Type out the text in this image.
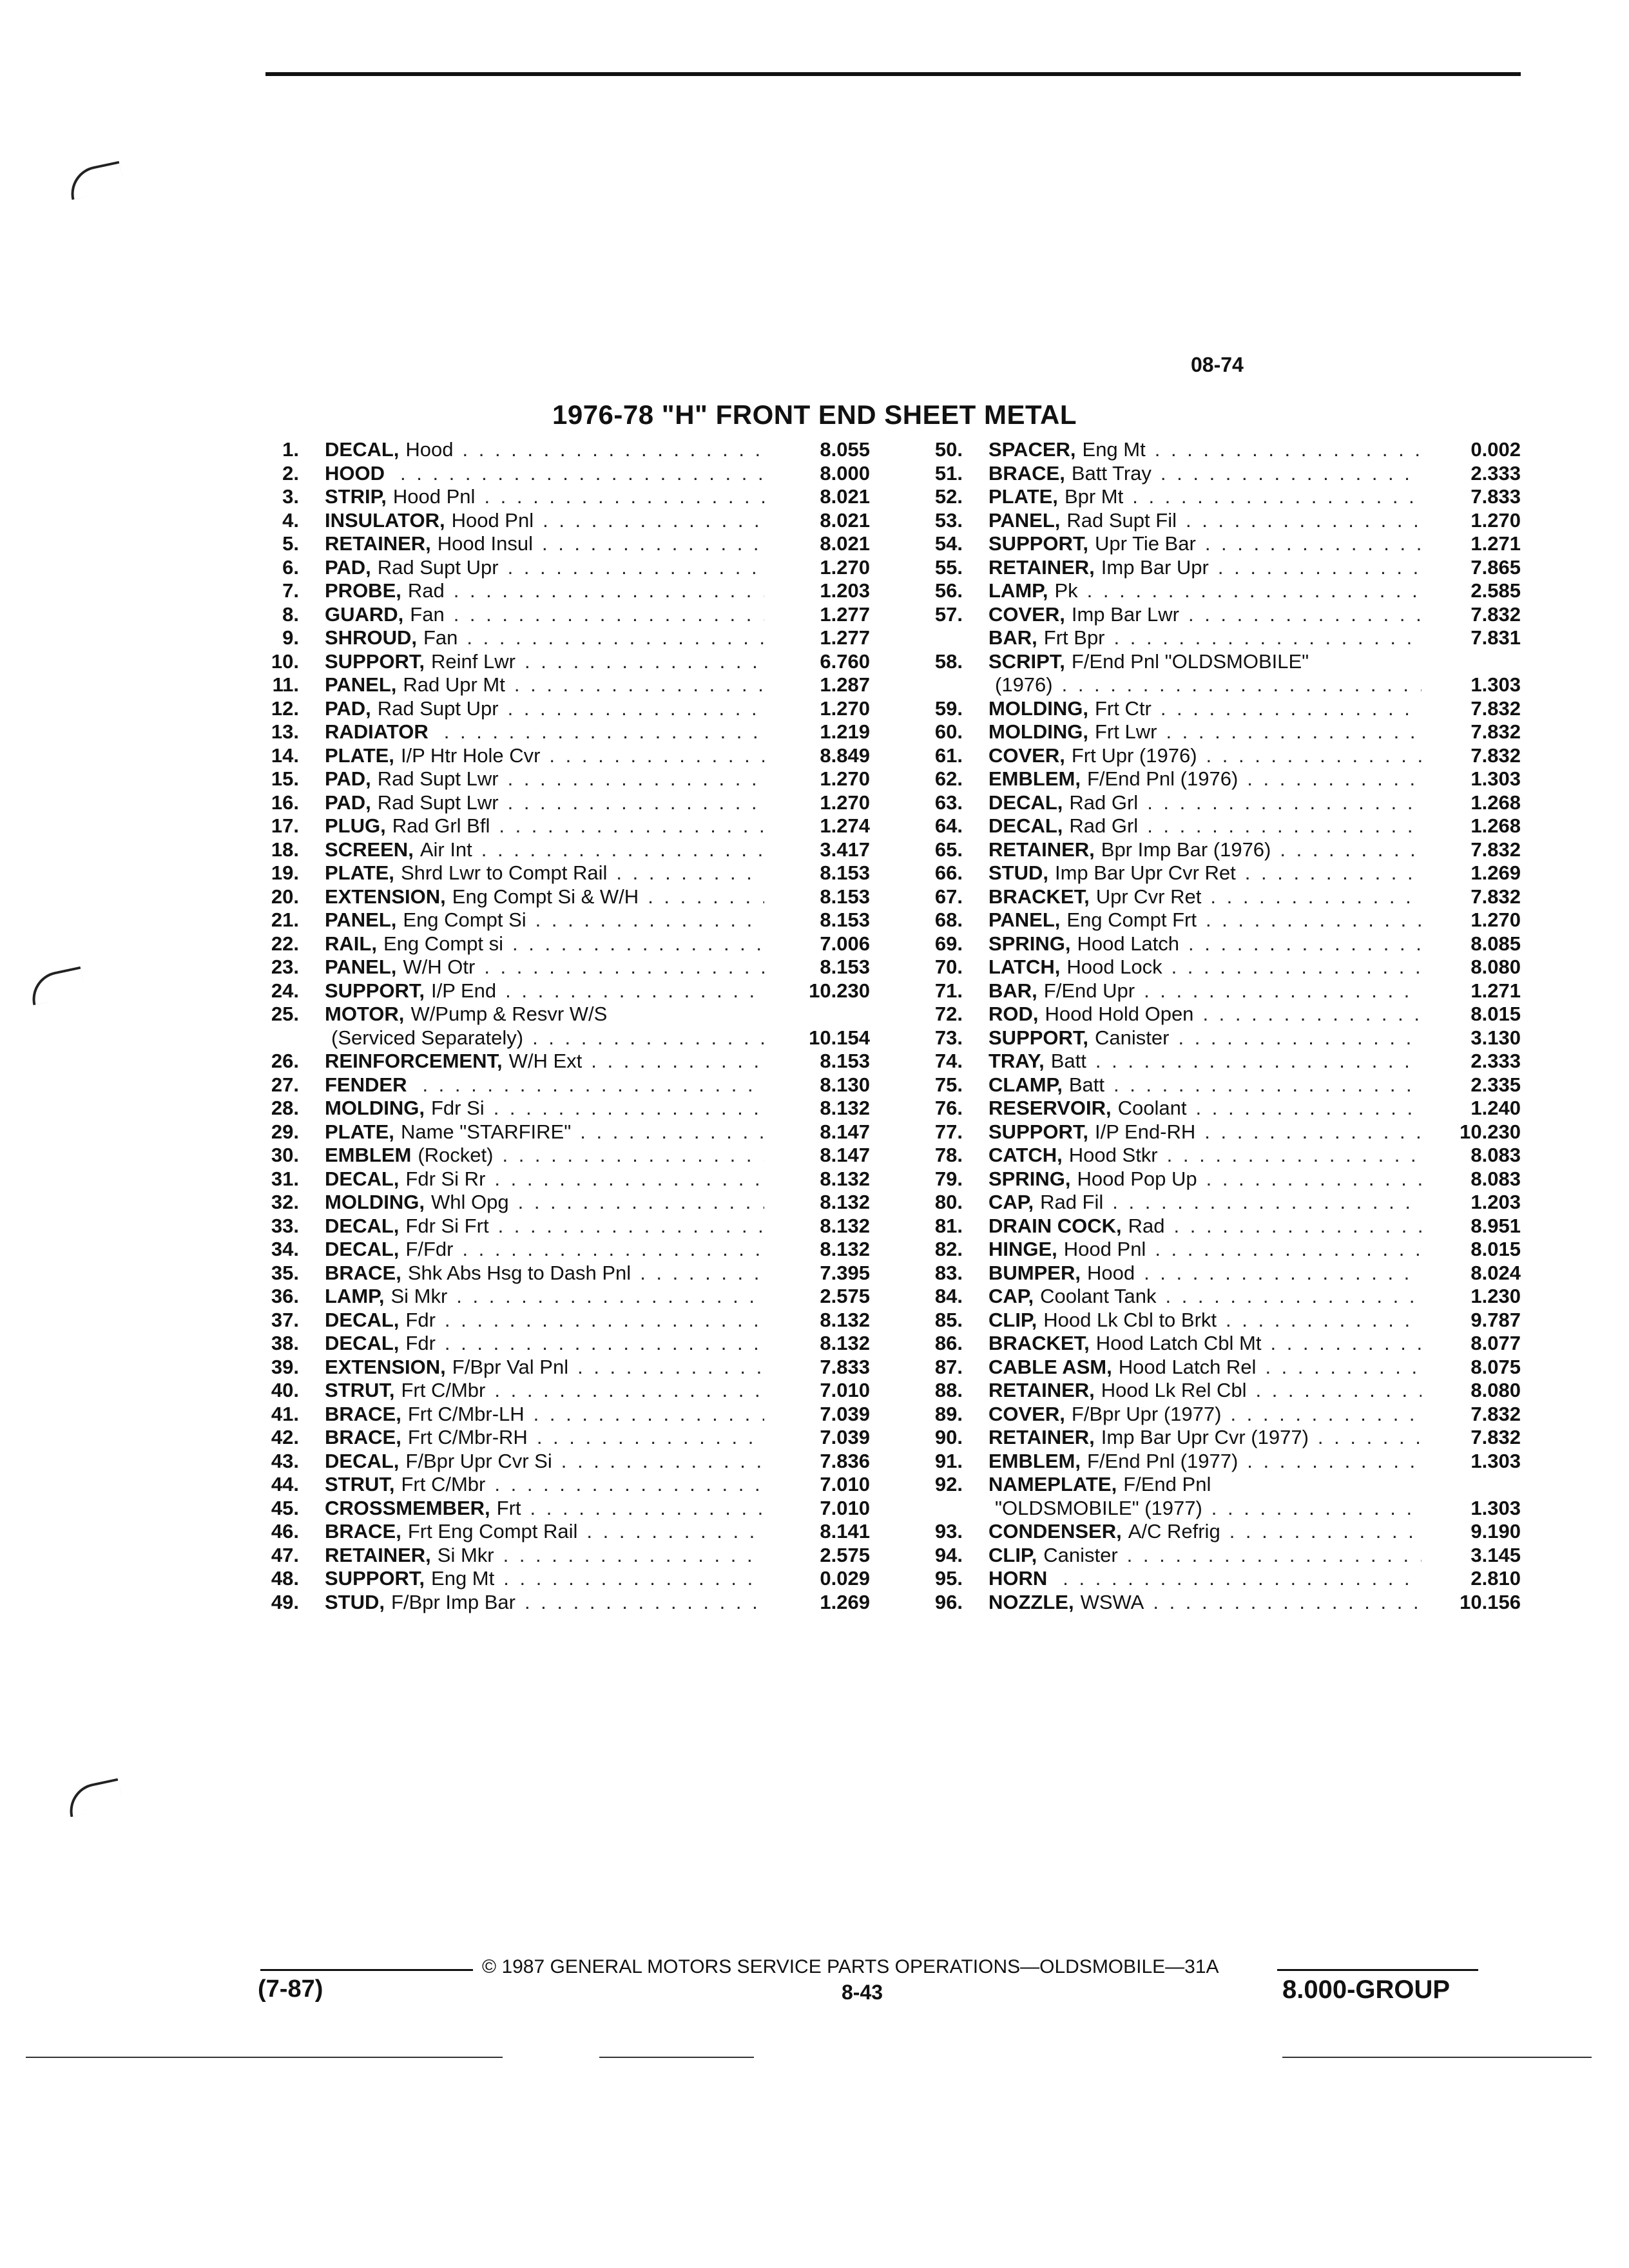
08-74
1976-78 "H" FRONT END SHEET METAL
1. DECAL, Hood . . .	8.055
2. HOOD . . .	8.000
3. STRIP, Hood Pnl . . .	8.021
4. INSULATOR, Hood Pnl . . .	8.021
5. RETAINER, Hood Insul . . .	8.021
6. PAD, Rad Supt Upr . . .	1.270
7. PROBE, Rad . . .	1.203
8. GUARD, Fan . . .	1.277
9. SHROUD, Fan . . .	1.277
10. SUPPORT, Reinf Lwr . . .	6.760
11. PANEL, Rad Upr Mt . . .	1.287
12. PAD, Rad Supt Upr . . .	1.270
13. RADIATOR . . .	1.219
14. PLATE, I/P Htr Hole Cvr . . .	8.849
15. PAD, Rad Supt Lwr . . .	1.270
16. PAD, Rad Supt Lwr . . .	1.270
17. PLUG, Rad Grl Bfl . . .	1.274
18. SCREEN, Air Int . . .	3.417
19. PLATE, Shrd Lwr to Compt Rail . . .	8.153
20. EXTENSION, Eng Compt Si & W/H . . .	8.153
21. PANEL, Eng Compt Si . . .	8.153
22. RAIL, Eng Compt si . . .	7.006
23. PANEL, W/H Otr . . .	8.153
24. SUPPORT, I/P End . . .	10.230
25. MOTOR, W/Pump & Resvr W/S
(Serviced Separately) . . .	10.154
26. REINFORCEMENT, W/H Ext . . .	8.153
27. FENDER . . .	8.130
28. MOLDING, Fdr Si . . .	8.132
29. PLATE, Name "STARFIRE" . . .	8.147
30. EMBLEM (Rocket) . . .	8.147
31. DECAL, Fdr Si Rr . . .	8.132
32. MOLDING, Whl Opg . . .	8.132
33. DECAL, Fdr Si Frt . . .	8.132
34. DECAL, F/Fdr . . .	8.132
35. BRACE, Shk Abs Hsg to Dash Pnl . . .	7.395
36. LAMP, Si Mkr . . .	2.575
37. DECAL, Fdr . . .	8.132
38. DECAL, Fdr . . .	8.132
39. EXTENSION, F/Bpr Val Pnl . . .	7.833
40. STRUT, Frt C/Mbr . . .	7.010
41. BRACE, Frt C/Mbr-LH . . .	7.039
42. BRACE, Frt C/Mbr-RH . . .	7.039
43. DECAL, F/Bpr Upr Cvr Si . . .	7.836
44. STRUT, Frt C/Mbr . . .	7.010
45. CROSSMEMBER, Frt . . .	7.010
46. BRACE, Frt Eng Compt Rail . . .	8.141
47. RETAINER, Si Mkr . . .	2.575
48. SUPPORT, Eng Mt . . .	0.029
49. STUD, F/Bpr Imp Bar . . .	1.269
50. SPACER, Eng Mt . . .	0.002
51. BRACE, Batt Tray . . .	2.333
52. PLATE, Bpr Mt . . .	7.833
53. PANEL, Rad Supt Fil . . .	1.270
54. SUPPORT, Upr Tie Bar . . .	1.271
55. RETAINER, Imp Bar Upr . . .	7.865
56. LAMP, Pk . . .	2.585
57. COVER, Imp Bar Lwr . . .	7.832
BAR, Frt Bpr . . .	7.831
58. SCRIPT, F/End Pnl "OLDSMOBILE"
(1976) . . .	1.303
59. MOLDING, Frt Ctr . . .	7.832
60. MOLDING, Frt Lwr . . .	7.832
61. COVER, Frt Upr (1976) . . .	7.832
62. EMBLEM, F/End Pnl (1976) . . .	1.303
63. DECAL, Rad Grl . . .	1.268
64. DECAL, Rad Grl . . .	1.268
65. RETAINER, Bpr Imp Bar (1976) . . .	7.832
66. STUD, Imp Bar Upr Cvr Ret . . .	1.269
67. BRACKET, Upr Cvr Ret . . .	7.832
68. PANEL, Eng Compt Frt . . .	1.270
69. SPRING, Hood Latch . . .	8.085
70. LATCH, Hood Lock . . .	8.080
71. BAR, F/End Upr . . .	1.271
72. ROD, Hood Hold Open . . .	8.015
73. SUPPORT, Canister . . .	3.130
74. TRAY, Batt . . .	2.333
75. CLAMP, Batt . . .	2.335
76. RESERVOIR, Coolant . . .	1.240
77. SUPPORT, I/P End-RH . . .	10.230
78. CATCH, Hood Stkr . . .	8.083
79. SPRING, Hood Pop Up . . .	8.083
80. CAP, Rad Fil . . .	1.203
81. DRAIN COCK, Rad . . .	8.951
82. HINGE, Hood Pnl . . .	8.015
83. BUMPER, Hood . . .	8.024
84. CAP, Coolant Tank . . .	1.230
85. CLIP, Hood Lk Cbl to Brkt . . .	9.787
86. BRACKET, Hood Latch Cbl Mt . . .	8.077
87. CABLE ASM, Hood Latch Rel . . .	8.075
88. RETAINER, Hood Lk Rel Cbl . . .	8.080
89. COVER, F/Bpr Upr (1977) . . .	7.832
90. RETAINER, Imp Bar Upr Cvr (1977) . . .	7.832
91. EMBLEM, F/End Pnl (1977) . . .	1.303
92. NAMEPLATE, F/End Pnl
"OLDSMOBILE" (1977) . . .	1.303
93. CONDENSER, A/C Refrig . . .	9.190
94. CLIP, Canister . . .	3.145
95. HORN . . .	2.810
96. NOZZLE, WSWA . . .	10.156
© 1987 GENERAL MOTORS SERVICE PARTS OPERATIONS—OLDSMOBILE—31A
(7-87)	8-43	8.000-GROUP
